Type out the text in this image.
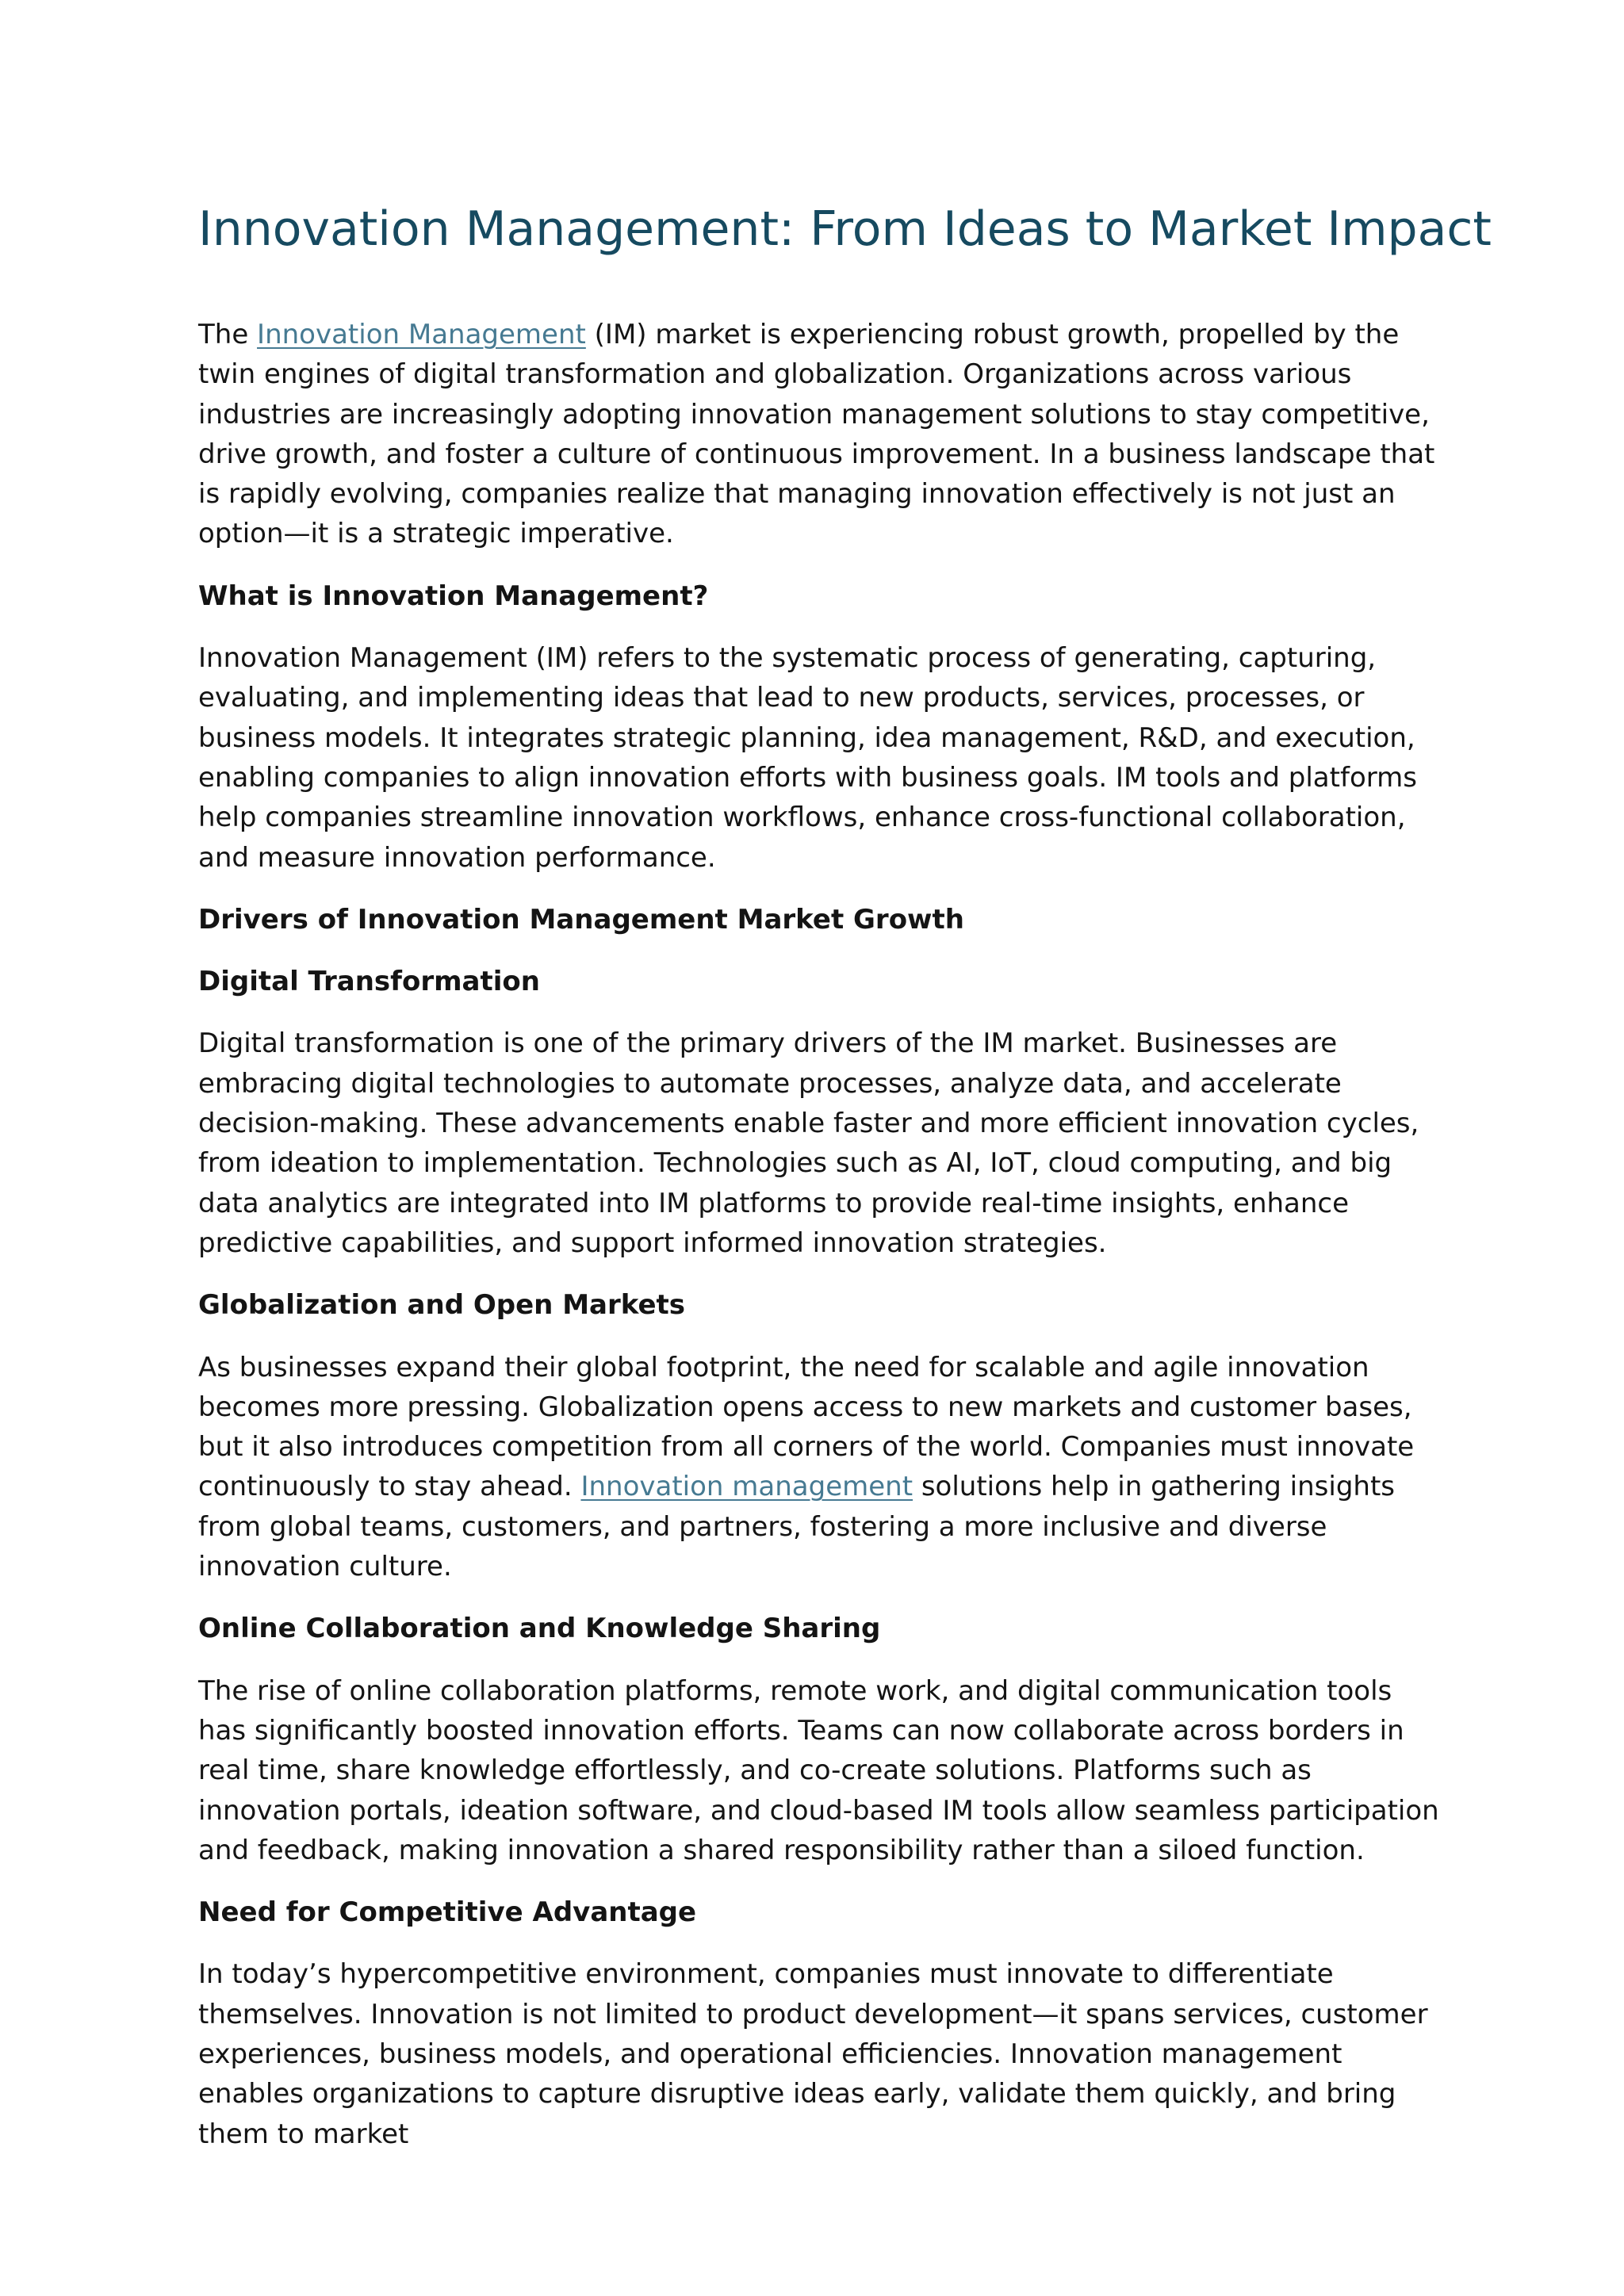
Innovation Management: From Ideas to Market Impact

The Innovation Management (IM) market is experiencing robust growth, propelled by the twin engines of digital transformation and globalization. Organizations across various industries are increasingly adopting innovation management solutions to stay competitive, drive growth, and foster a culture of continuous improvement. In a business landscape that is rapidly evolving, companies realize that managing innovation effectively is not just an option—it is a strategic imperative.

What is Innovation Management?

Innovation Management (IM) refers to the systematic process of generating, capturing, evaluating, and implementing ideas that lead to new products, services, processes, or business models. It integrates strategic planning, idea management, R&D, and execution, enabling companies to align innovation efforts with business goals. IM tools and platforms help companies streamline innovation workflows, enhance cross-functional collaboration, and measure innovation performance.

Drivers of Innovation Management Market Growth
Digital Transformation

Digital transformation is one of the primary drivers of the IM market. Businesses are embracing digital technologies to automate processes, analyze data, and accelerate decision-making. These advancements enable faster and more efficient innovation cycles, from ideation to implementation. Technologies such as AI, IoT, cloud computing, and big data analytics are integrated into IM platforms to provide real-time insights, enhance predictive capabilities, and support informed innovation strategies.

Globalization and Open Markets

As businesses expand their global footprint, the need for scalable and agile innovation becomes more pressing. Globalization opens access to new markets and customer bases, but it also introduces competition from all corners of the world. Companies must innovate continuously to stay ahead. Innovation management solutions help in gathering insights from global teams, customers, and partners, fostering a more inclusive and diverse innovation culture.

Online Collaboration and Knowledge Sharing

The rise of online collaboration platforms, remote work, and digital communication tools has significantly boosted innovation efforts. Teams can now collaborate across borders in real time, share knowledge effortlessly, and co-create solutions. Platforms such as innovation portals, ideation software, and cloud-based IM tools allow seamless participation and feedback, making innovation a shared responsibility rather than a siloed function.

Need for Competitive Advantage

In today’s hypercompetitive environment, companies must innovate to differentiate themselves. Innovation is not limited to product development—it spans services, customer experiences, business models, and operational efficiencies. Innovation management enables organizations to capture disruptive ideas early, validate them quickly, and bring them to market
